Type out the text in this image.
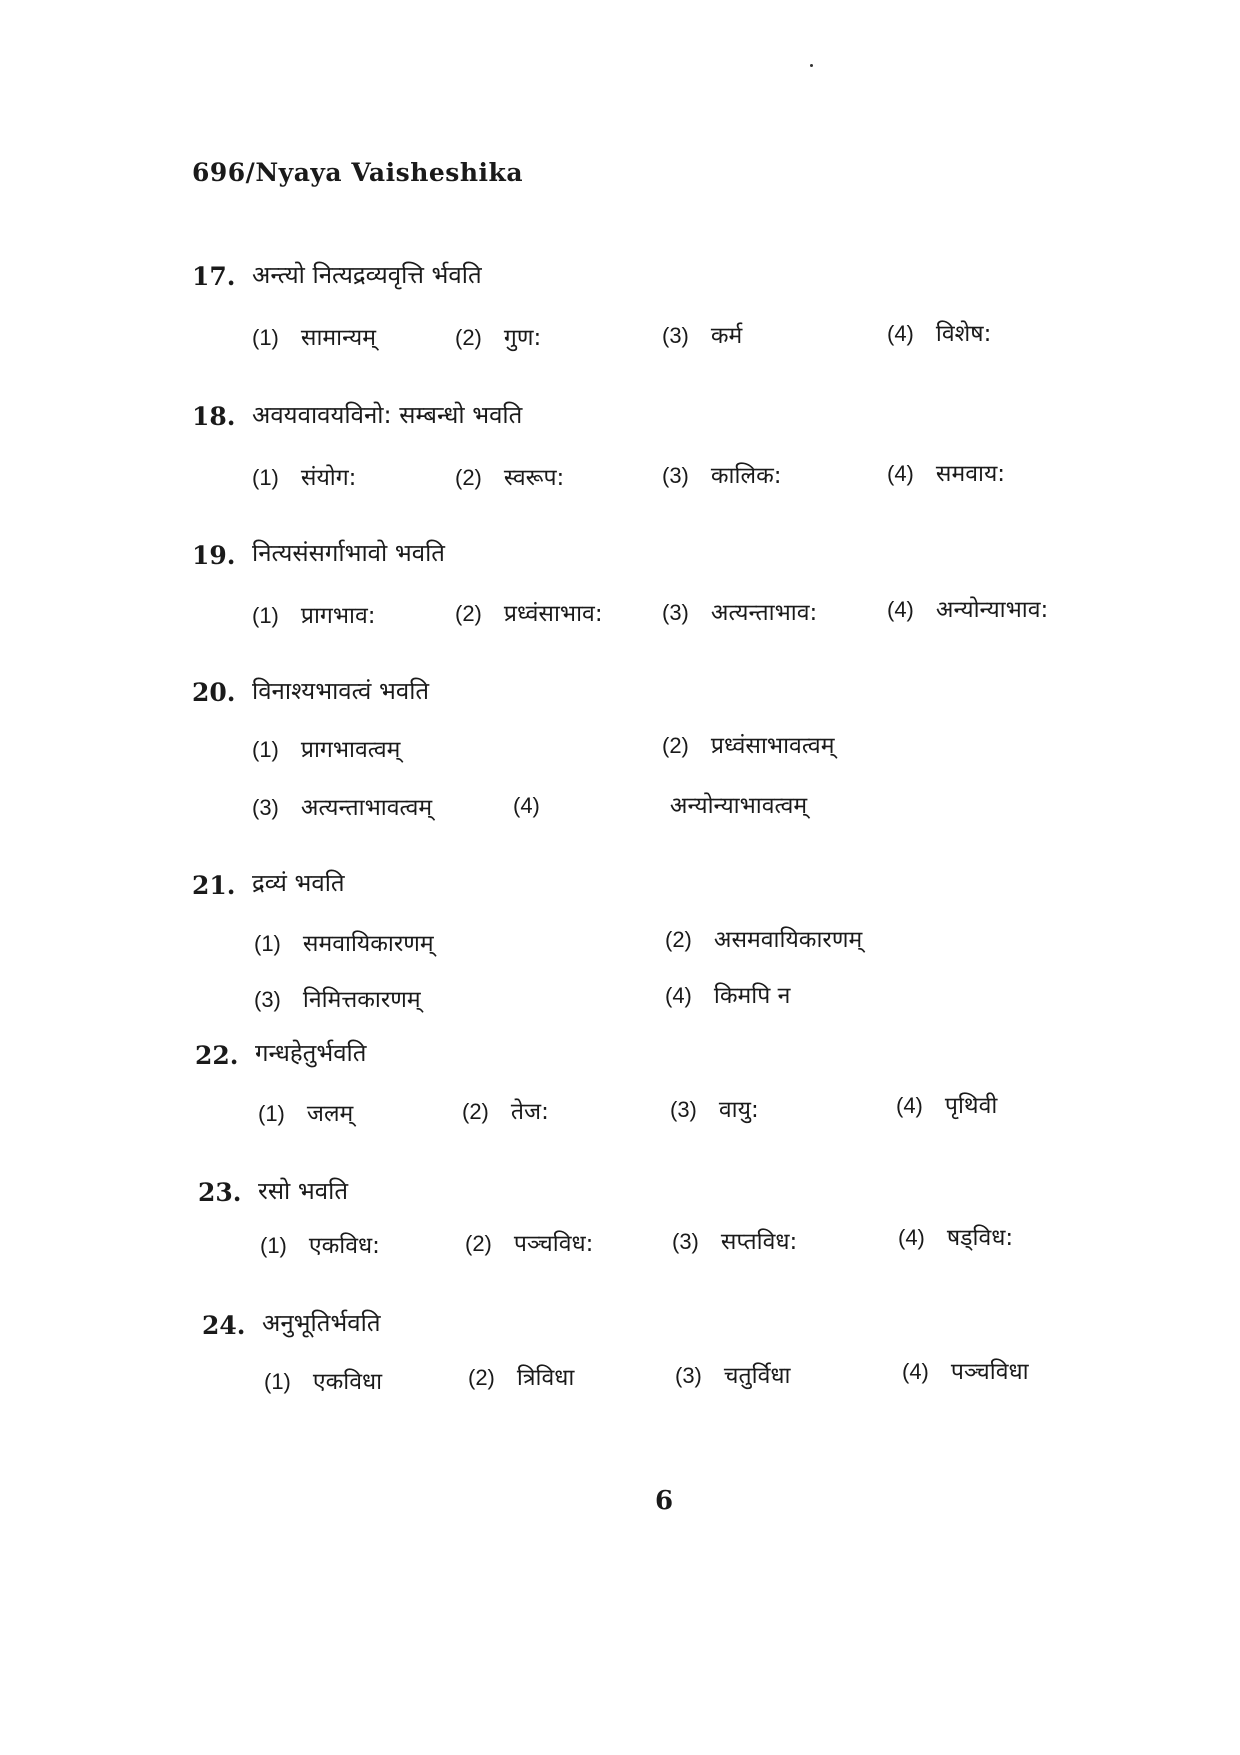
696/Nyaya Vaisheshika
17. अन्त्यो नित्यद्रव्यवृत्ति र्भवति
(1) सामान्यम्	(2) गुण:	(3) कर्म	(4) विशेष:
18. अवयवावयविनो: सम्बन्धो भवति
(1) संयोग:	(2) स्वरूप:	(3) कालिक:	(4) समवाय:
19. नित्यसंसर्गाभावो भवति
(1) प्रागभाव:	(2) प्रध्वंसाभाव:	(3) अत्यन्ताभाव:	(4) अन्योन्याभाव:
20. विनाश्यभावत्वं भवति
(1) प्रागभावत्वम्	(2) प्रध्वंसाभावत्वम्
(3) अत्यन्ताभावत्वम्	(4)	अन्योन्याभावत्वम्
21. द्रव्यं भवति
(1) समवायिकारणम्	(2) असमवायिकारणम्
(3) निमित्तकारणम्	(4) किमपि न
22. गन्धहेतुर्भवति
(1) जलम्	(2) तेज:	(3) वायु:	(4) पृथिवी
23. रसो भवति
(1) एकविध:	(2) पञ्चविध:	(3) सप्तविध:	(4) षड्विध:
24. अनुभूतिर्भवति
(1) एकविधा	(2) त्रिविधा	(3) चतुर्विधा	(4) पञ्चविधा
6
